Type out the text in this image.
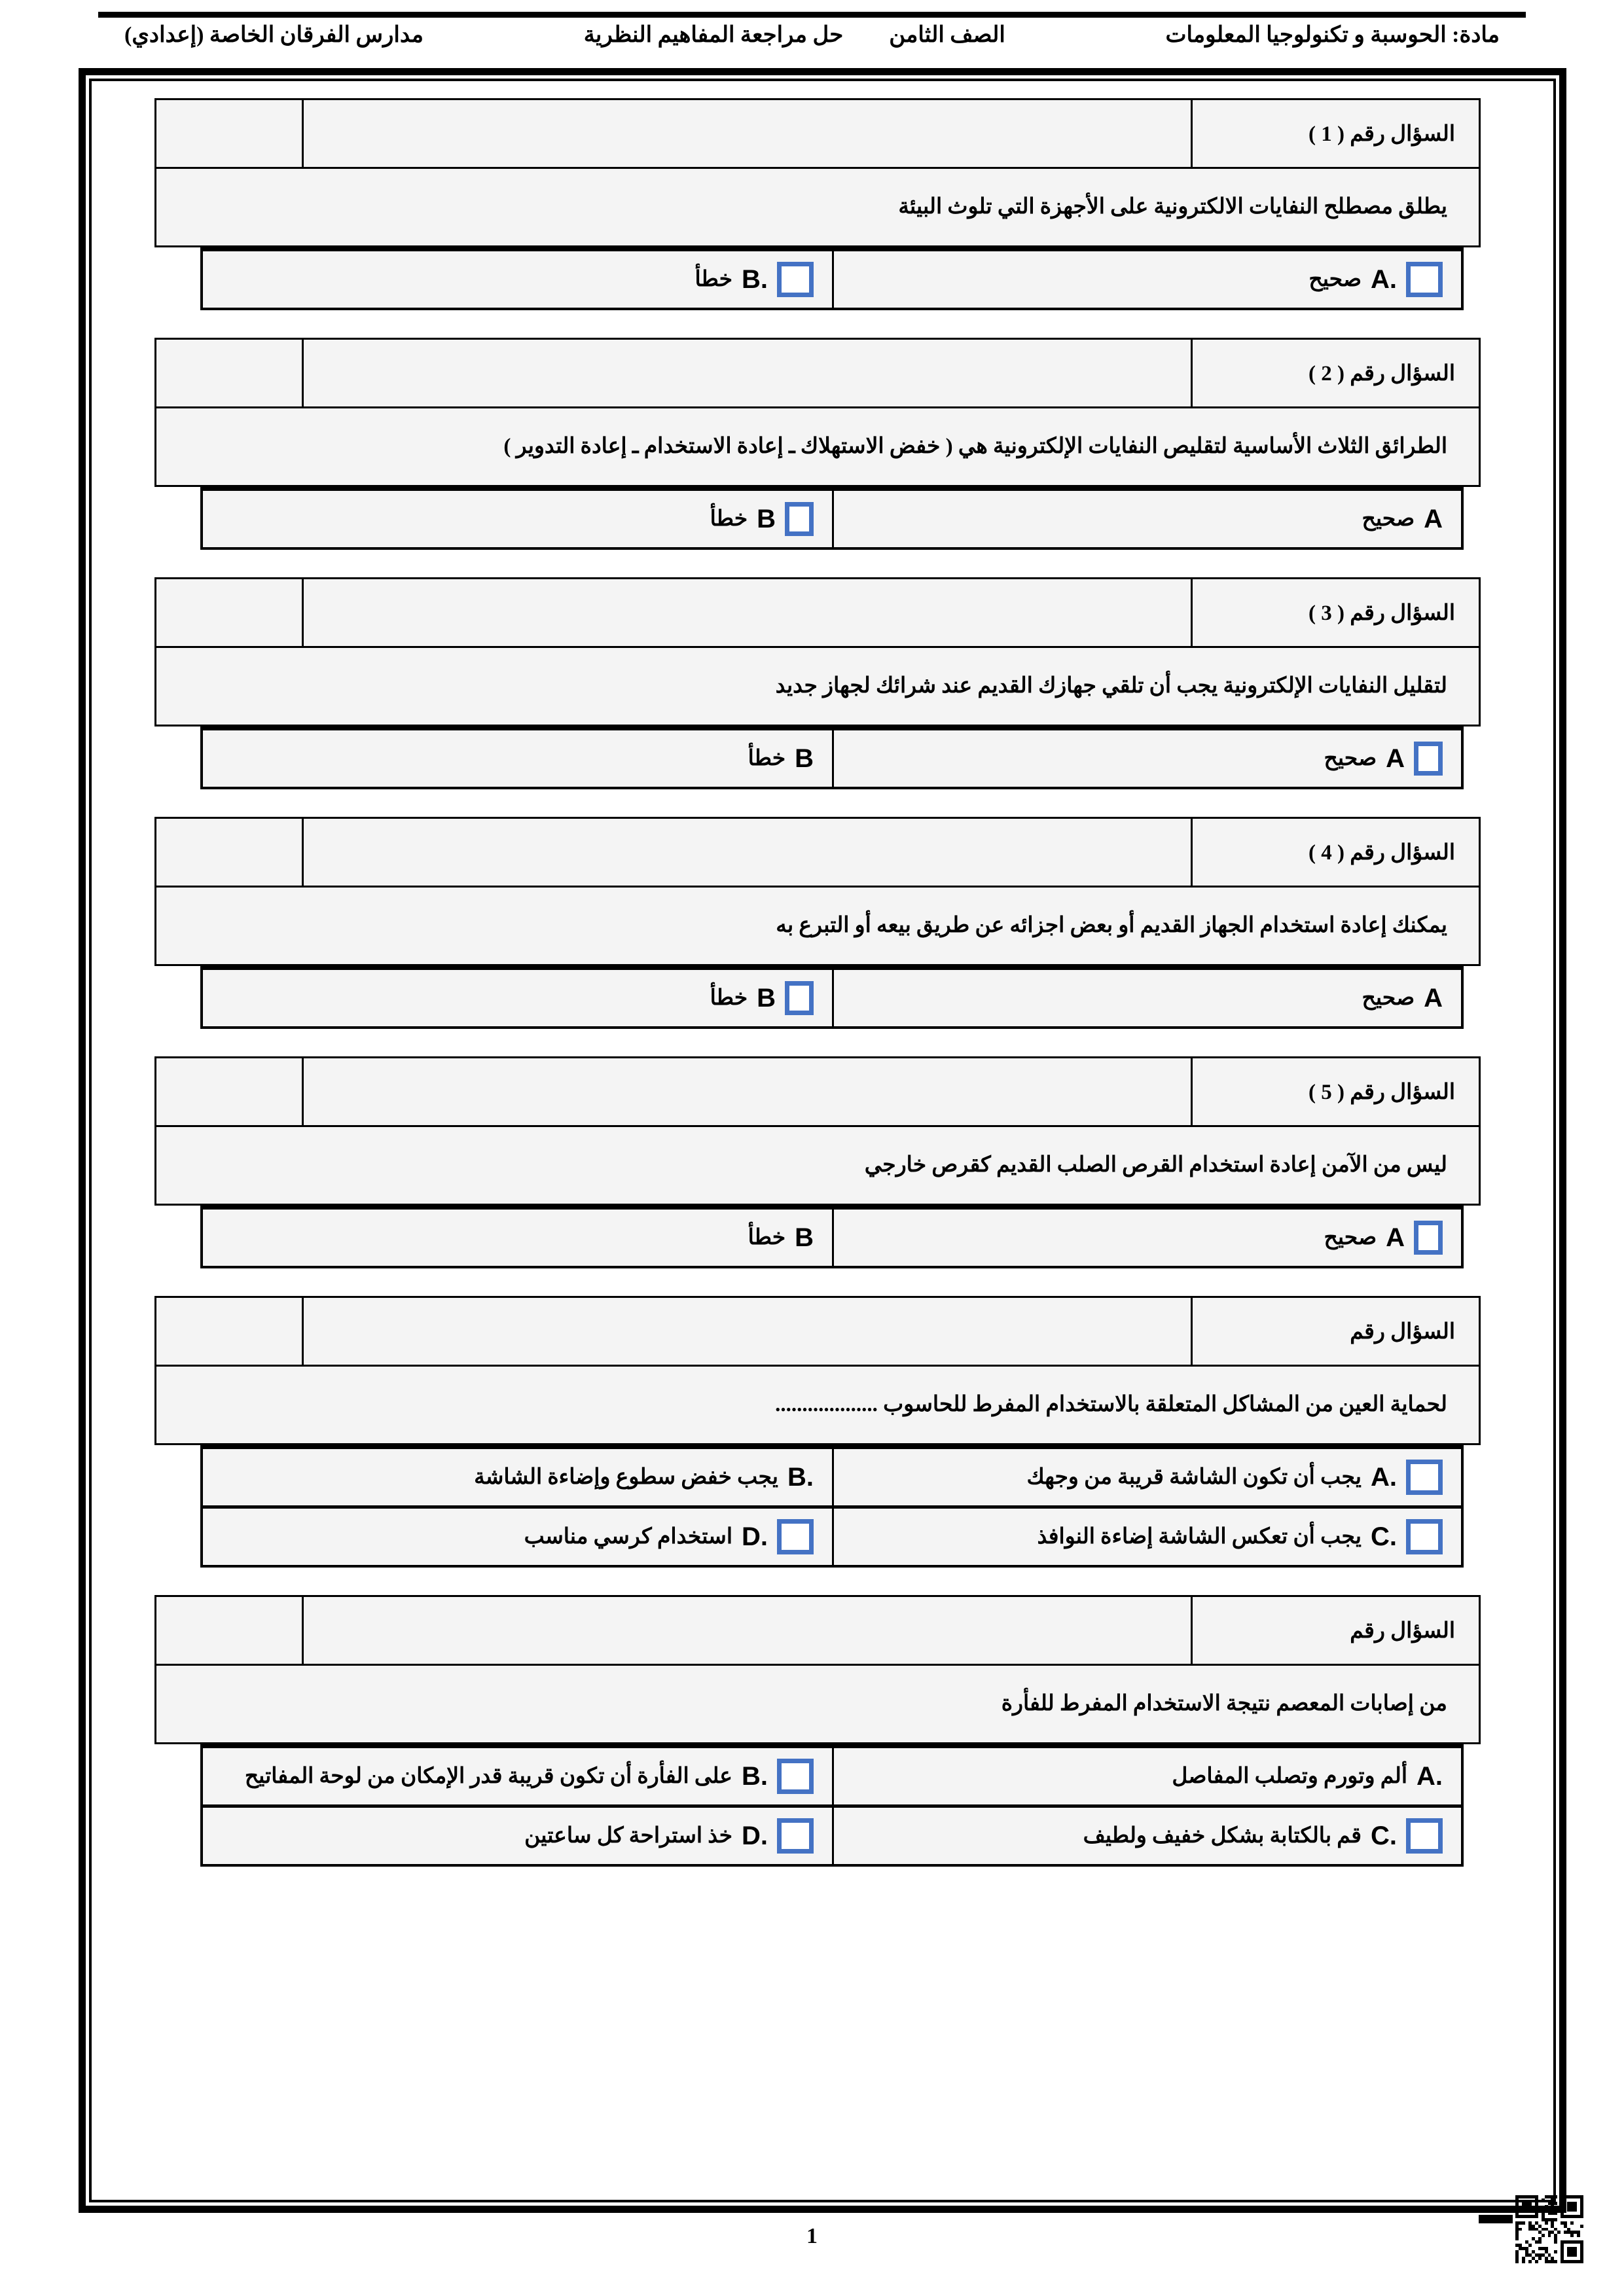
مادة: الحوسبة و تكنولوجيا المعلومات
الصف الثامن
حل مراجعة المفاهيم النظرية
مدارس الفرقان الخاصة (إعدادي)
السؤال رقم ( 1 )
يطلق مصطلح النفايات الالكترونية على الأجهزة التي تلوث البيئة
A.
صحيح
B.
خطأ
السؤال رقم ( 2 )
الطرائق الثلاث الأساسية لتقليص النفايات الإلكترونية هي ( خفض الاستهلاك ـ إعادة الاستخدام ـ إعادة التدوير )
A
صحيح
B
خطأ
السؤال رقم ( 3 )
لتقليل النفايات الإلكترونية يجب أن تلقي جهازك القديم عند شرائك لجهاز جديد
A
صحيح
B
خطأ
السؤال رقم ( 4 )
يمكنك إعادة استخدام الجهاز القديم أو بعض اجزائه عن طريق بيعه أو التبرع به
A
صحيح
B
خطأ
السؤال رقم ( 5 )
ليس من الآمن إعادة استخدام القرص الصلب القديم كقرص خارجي
A
صحيح
B
خطأ
السؤال رقم
لحماية العين من المشاكل المتعلقة بالاستخدام المفرط للحاسوب ...................
A.
يجب أن تكون الشاشة قريبة من وجهك
B.
يجب خفض سطوع وإضاءة الشاشة
C.
يجب أن تعكس الشاشة إضاءة النوافذ
D.
استخدام كرسي مناسب
السؤال رقم
من إصابات المعصم نتيجة الاستخدام المفرط للفأرة
A.
ألم وتورم وتصلب المفاصل
B.
على الفأرة أن تكون قريبة قدر الإمكان من لوحة المفاتيح
C.
قم بالكتابة بشكل خفيف ولطيف
D.
خذ استراحة كل ساعتين
1
